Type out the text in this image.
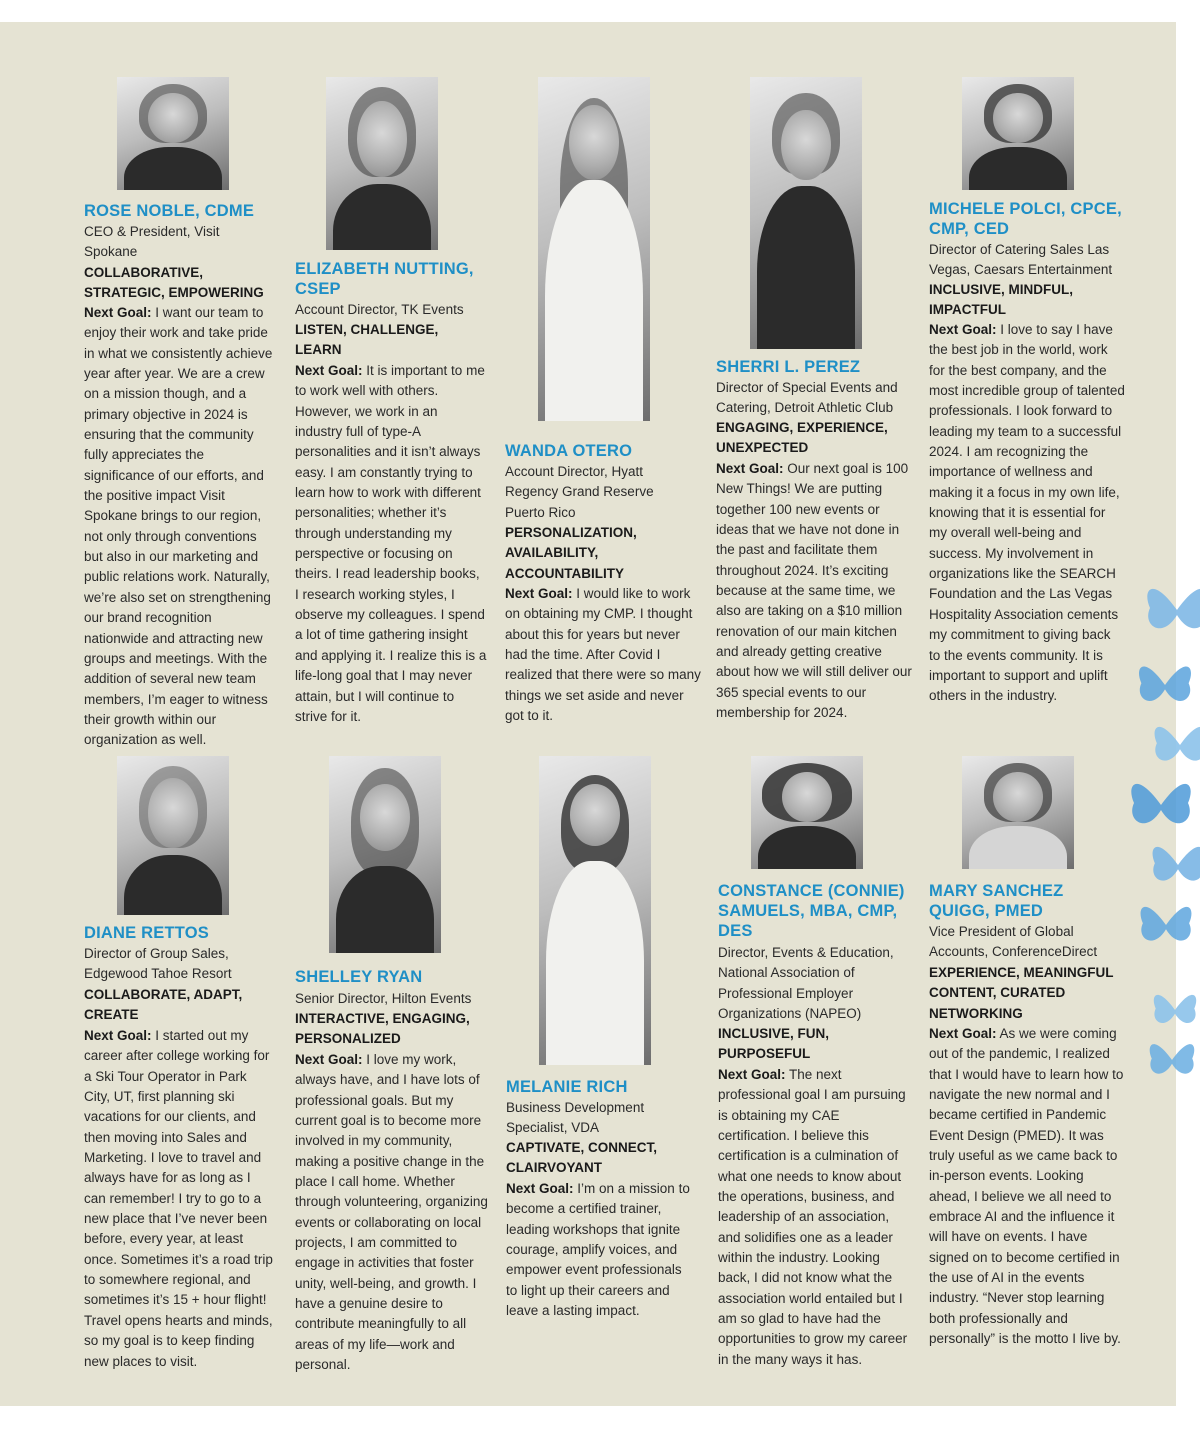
ROSE NOBLE, CDME
CEO & President, Visit Spokane
COLLABORATIVE, STRATEGIC, EMPOWERING
Next Goal: I want our team to enjoy their work and take pride in what we consistently achieve year after year. We are a crew on a mission though, and a primary objective in 2024 is ensuring that the community fully appreciates the significance of our efforts, and the positive impact Visit Spokane brings to our region, not only through conventions but also in our marketing and public relations work. Naturally, we’re also set on strengthening our brand recognition nationwide and attracting new groups and meetings. With the addition of several new team members, I’m eager to witness their growth within our organization as well.
ELIZABETH NUTTING, CSEP
Account Director, TK Events
LISTEN, CHALLENGE, LEARN
Next Goal: It is important to me to work well with others. However, we work in an industry full of type-A personalities and it isn’t always easy. I am constantly trying to learn how to work with different personalities; whether it’s through understanding my perspective or focusing on theirs. I read leadership books, I research working styles, I observe my colleagues. I spend a lot of time gathering insight and applying it. I realize this is a life-long goal that I may never attain, but I will continue to strive for it.
WANDA OTERO
Account Director, Hyatt Regency Grand Reserve Puerto Rico
PERSONALIZATION, AVAILABILITY, ACCOUNTABILITY
Next Goal: I would like to work on obtaining my CMP. I thought about this for years but never had the time. After Covid I realized that there were so many things we set aside and never got to it.
SHERRI L. PEREZ
Director of Special Events and Catering, Detroit Athletic Club
ENGAGING, EXPERIENCE, UNEXPECTED
Next Goal: Our next goal is 100 New Things! We are putting together 100 new events or ideas that we have not done in the past and facilitate them throughout 2024. It’s exciting because at the same time, we also are taking on a $10 million renovation of our main kitchen and already getting creative about how we will still deliver our 365 special events to our membership for 2024.
MICHELE POLCI, CPCE, CMP, CED
Director of Catering Sales Las Vegas, Caesars Entertainment
INCLUSIVE, MINDFUL, IMPACTFUL
Next Goal: I love to say I have the best job in the world, work for the best company, and the most incredible group of talented professionals. I look forward to leading my team to a successful 2024. I am recognizing the importance of wellness and making it a focus in my own life, knowing that it is essential for my overall well-being and success. My involvement in organizations like the SEARCH Foundation and the Las Vegas Hospitality Association cements my commitment to giving back to the events community. It is important to support and uplift others in the industry.
DIANE RETTOS
Director of Group Sales, Edgewood Tahoe Resort
COLLABORATE, ADAPT, CREATE
Next Goal: I started out my career after college working for a Ski Tour Operator in Park City, UT, first planning ski vacations for our clients, and then moving into Sales and Marketing. I love to travel and always have for as long as I can remember! I try to go to a new place that I’ve never been before, every year, at least once. Sometimes it’s a road trip to somewhere regional, and sometimes it’s 15 + hour flight! Travel opens hearts and minds, so my goal is to keep finding new places to visit.
SHELLEY RYAN
Senior Director, Hilton Events
INTERACTIVE, ENGAGING, PERSONALIZED
Next Goal: I love my work, always have, and I have lots of professional goals. But my current goal is to become more involved in my community, making a positive change in the place I call home. Whether through volunteering, organizing events or collaborating on local projects, I am committed to engage in activities that foster unity, well-being, and growth. I have a genuine desire to contribute meaningfully to all areas of my life—work and personal.
MELANIE RICH
Business Development Specialist, VDA
CAPTIVATE, CONNECT, CLAIRVOYANT
Next Goal: I’m on a mission to become a certified trainer, leading workshops that ignite courage, amplify voices, and empower event professionals to light up their careers and leave a lasting impact.
CONSTANCE (CONNIE) SAMUELS, MBA, CMP, DES
Director, Events & Education, National Association of Professional Employer Organizations (NAPEO)
INCLUSIVE, FUN, PURPOSEFUL
Next Goal: The next professional goal I am pursuing is obtaining my CAE certification. I believe this certification is a culmination of what one needs to know about the operations, business, and leadership of an association, and solidifies one as a leader within the industry. Looking back, I did not know what the association world entailed but I am so glad to have had the opportunities to grow my career in the many ways it has.
MARY SANCHEZ QUIGG, PMED
Vice President of Global Accounts, ConferenceDirect
EXPERIENCE, MEANINGFUL CONTENT, CURATED NETWORKING
Next Goal: As we were coming out of the pandemic, I realized that I would have to learn how to navigate the new normal and I became certified in Pandemic Event Design (PMED). It was truly useful as we came back to in-person events. Looking ahead, I believe we all need to embrace AI and the influence it will have on events. I have signed on to become certified in the use of AI in the events industry. “Never stop learning both professionally and personally” is the motto I live by.
